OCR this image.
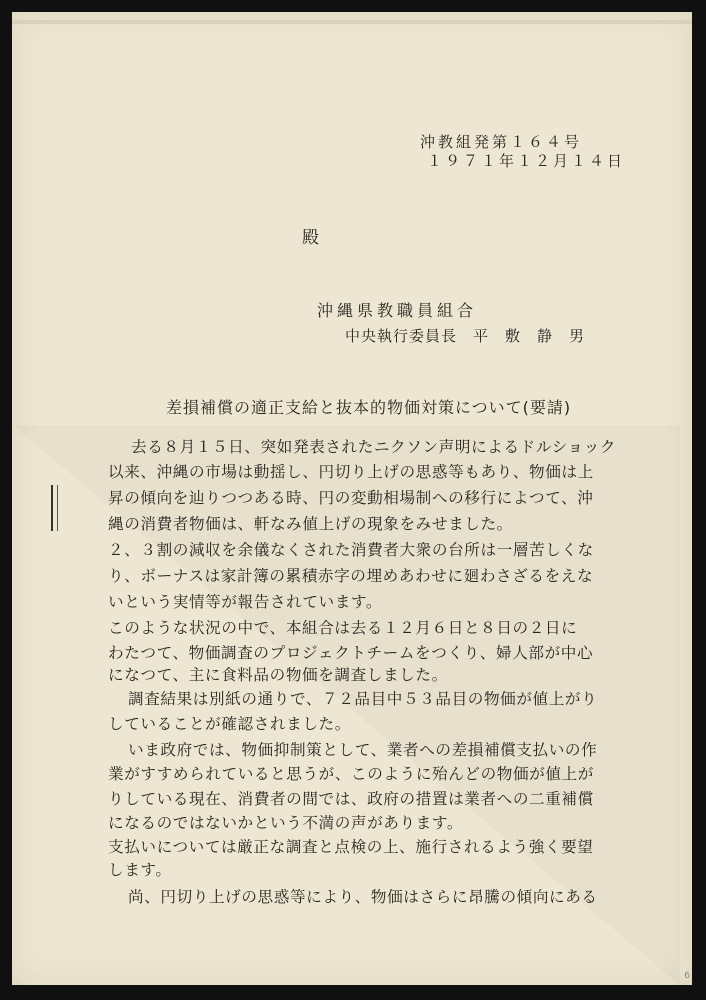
沖教組発第１６４号
１９７１年１２月１４日
殿
沖縄県教職員組合
中央執行委員長　平　敷　静　男
差損補償の適正支給と抜本的物価対策について(要請)
去る８月１５日、突如発表されたニクソン声明によるドルショック
以来、沖縄の市場は動揺し、円切り上げの思惑等もあり、物価は上
昇の傾向を辿りつつある時、円の変動相場制への移行によつて、沖
縄の消費者物価は、軒なみ値上げの現象をみせました。
２、３割の減収を余儀なくされた消費者大衆の台所は一層苦しくな
り、ボーナスは家計簿の累積赤字の埋めあわせに廻わさざるをえな
いという実情等が報告されています。
このような状況の中で、本組合は去る１２月６日と８日の２日に
わたつて、物価調査のプロジェクトチームをつくり、婦人部が中心
になつて、主に食料品の物価を調査しました。
調査結果は別紙の通りで、７２品目中５３品目の物価が値上がり
していることが確認されました。
いま政府では、物価抑制策として、業者への差損補償支払いの作
業がすすめられていると思うが、このように殆んどの物価が値上が
りしている現在、消費者の間では、政府の措置は業者への二重補償
になるのではないかという不満の声があります。
支払いについては厳正な調査と点検の上、施行されるよう強く要望
します。
尚、円切り上げの思惑等により、物価はさらに昂騰の傾向にある
6
